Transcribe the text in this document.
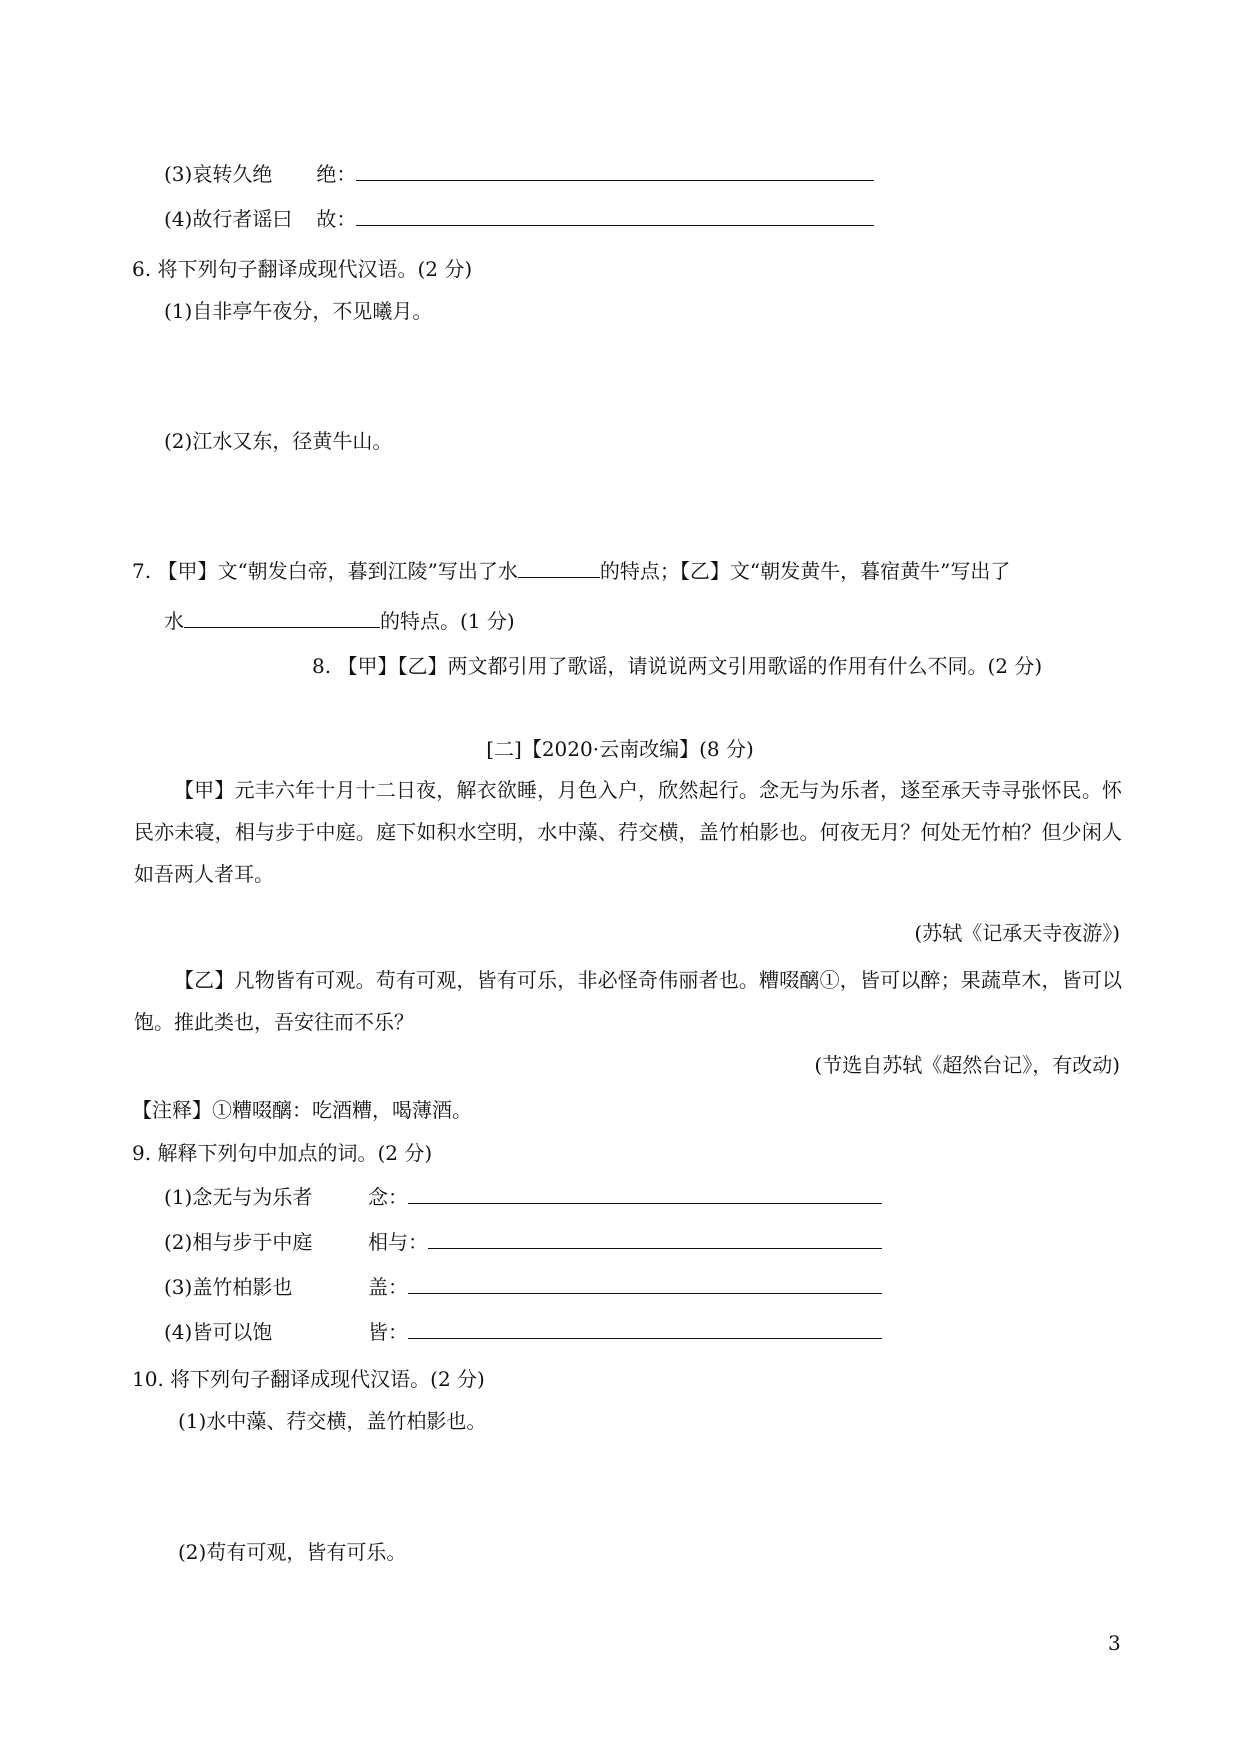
(3)哀转久绝 绝：
(4)故行者谣曰 故：
6. 将下列句子翻译成现代汉语。(2 分)
(1)自非亭午夜分，不见曦月。
(2)江水又东，径黄牛山。
7. 【甲】文“朝发白帝，暮到江陵”写出了水	的特点；【乙】文“朝发黄牛，暮宿黄牛”写出了
水	的特点。(1 分)
8. 【甲】【乙】两文都引用了歌谣，请说说两文引用歌谣的作用有什么不同。(2 分)
[二]【2020·云南改编】(8 分)
【甲】元丰六年十月十二日夜，解衣欲睡，月色入户，欣然起行。念无与为乐者，遂至承天寺寻张怀民。怀民亦未寝，相与步于中庭。庭下如积水空明，水中藻、荇交横，盖竹柏影也。何夜无月？何处无竹柏？但少闲人如吾两人者耳。
(苏轼《记承天寺夜游》)
【乙】凡物皆有可观。苟有可观，皆有可乐，非必怪奇伟丽者也。糟啜醨①，皆可以醉；果蔬草木，皆可以饱。推此类也，吾安往而不乐？
(节选自苏轼《超然台记》，有改动)
【注释】①糟啜醨：吃酒糟，喝薄酒。
9. 解释下列句中加点的词。(2 分)
(1)念无与为乐者	念：
(2)相与步于中庭	相与：
(3)盖竹柏影也	盖：
(4)皆可以饱	皆：
10. 将下列句子翻译成现代汉语。(2 分)
(1)水中藻、荇交横，盖竹柏影也。
(2)苟有可观，皆有可乐。
3
